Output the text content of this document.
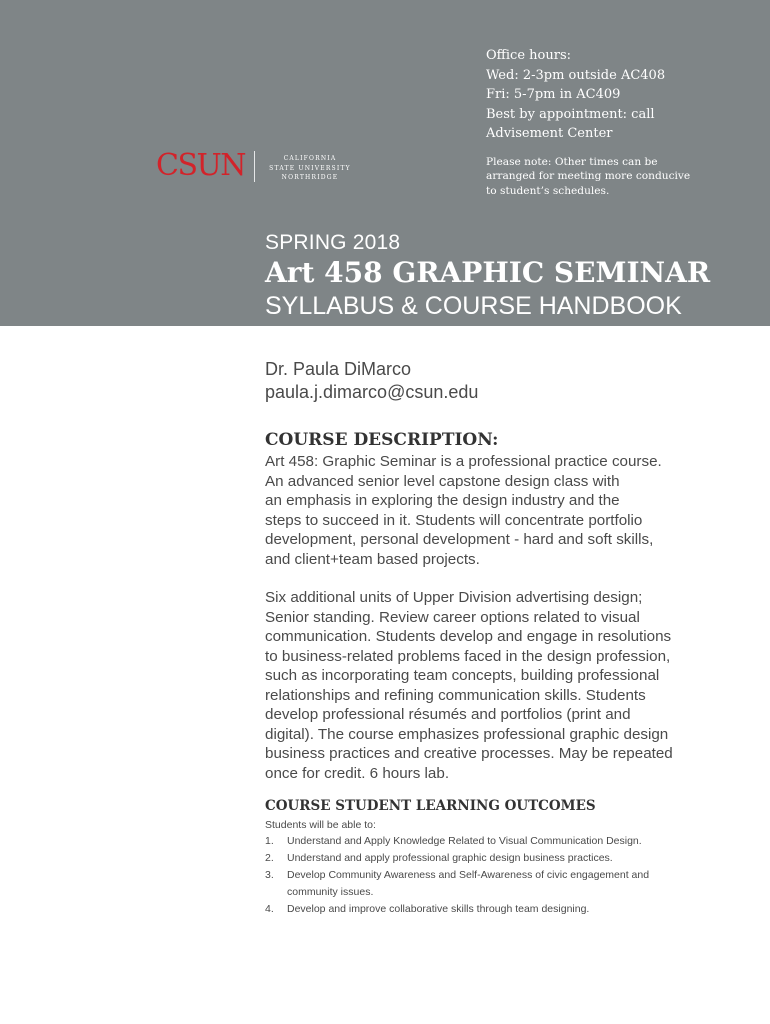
Office hours:
Wed: 2-3pm outside AC408
Fri: 5-7pm in AC409
Best by appointment: call
Advisement Center
Please note: Other times can be
arranged for meeting more conducive
to student’s schedules.
CSUN	CALIFORNIA
STATE UNIVERSITY
NORTHRIDGE
SPRING 2018
Art 458 GRAPHIC SEMINAR
SYLLABUS & COURSE HANDBOOK
Dr. Paula DiMarco
paula.j.dimarco@csun.edu
COURSE DESCRIPTION:

Art 458: Graphic Seminar is a professional practice course.
An advanced senior level capstone design class with
an emphasis in exploring the design industry and the
steps to succeed in it. Students will concentrate portfolio
development, personal development - hard and soft skills,
and client+team based projects.

Six additional units of Upper Division advertising design;
Senior standing. Review career options related to visual
communication. Students develop and engage in resolutions
to business-related problems faced in the design profession,
such as incorporating team concepts, building professional
relationships and refining communication skills. Students
develop professional résumés and portfolios (print and
digital). The course emphasizes professional graphic design
business practices and creative processes. May be repeated
once for credit. 6 hours lab.

COURSE STUDENT LEARNING OUTCOMES
Students will be able to:
1. Understand and Apply Knowledge Related to Visual Communication Design.
2. Understand and apply professional graphic design business practices.
3. Develop Community Awareness and Self-Awareness of civic engagement and
community issues.
4. Develop and improve collaborative skills through team designing.
